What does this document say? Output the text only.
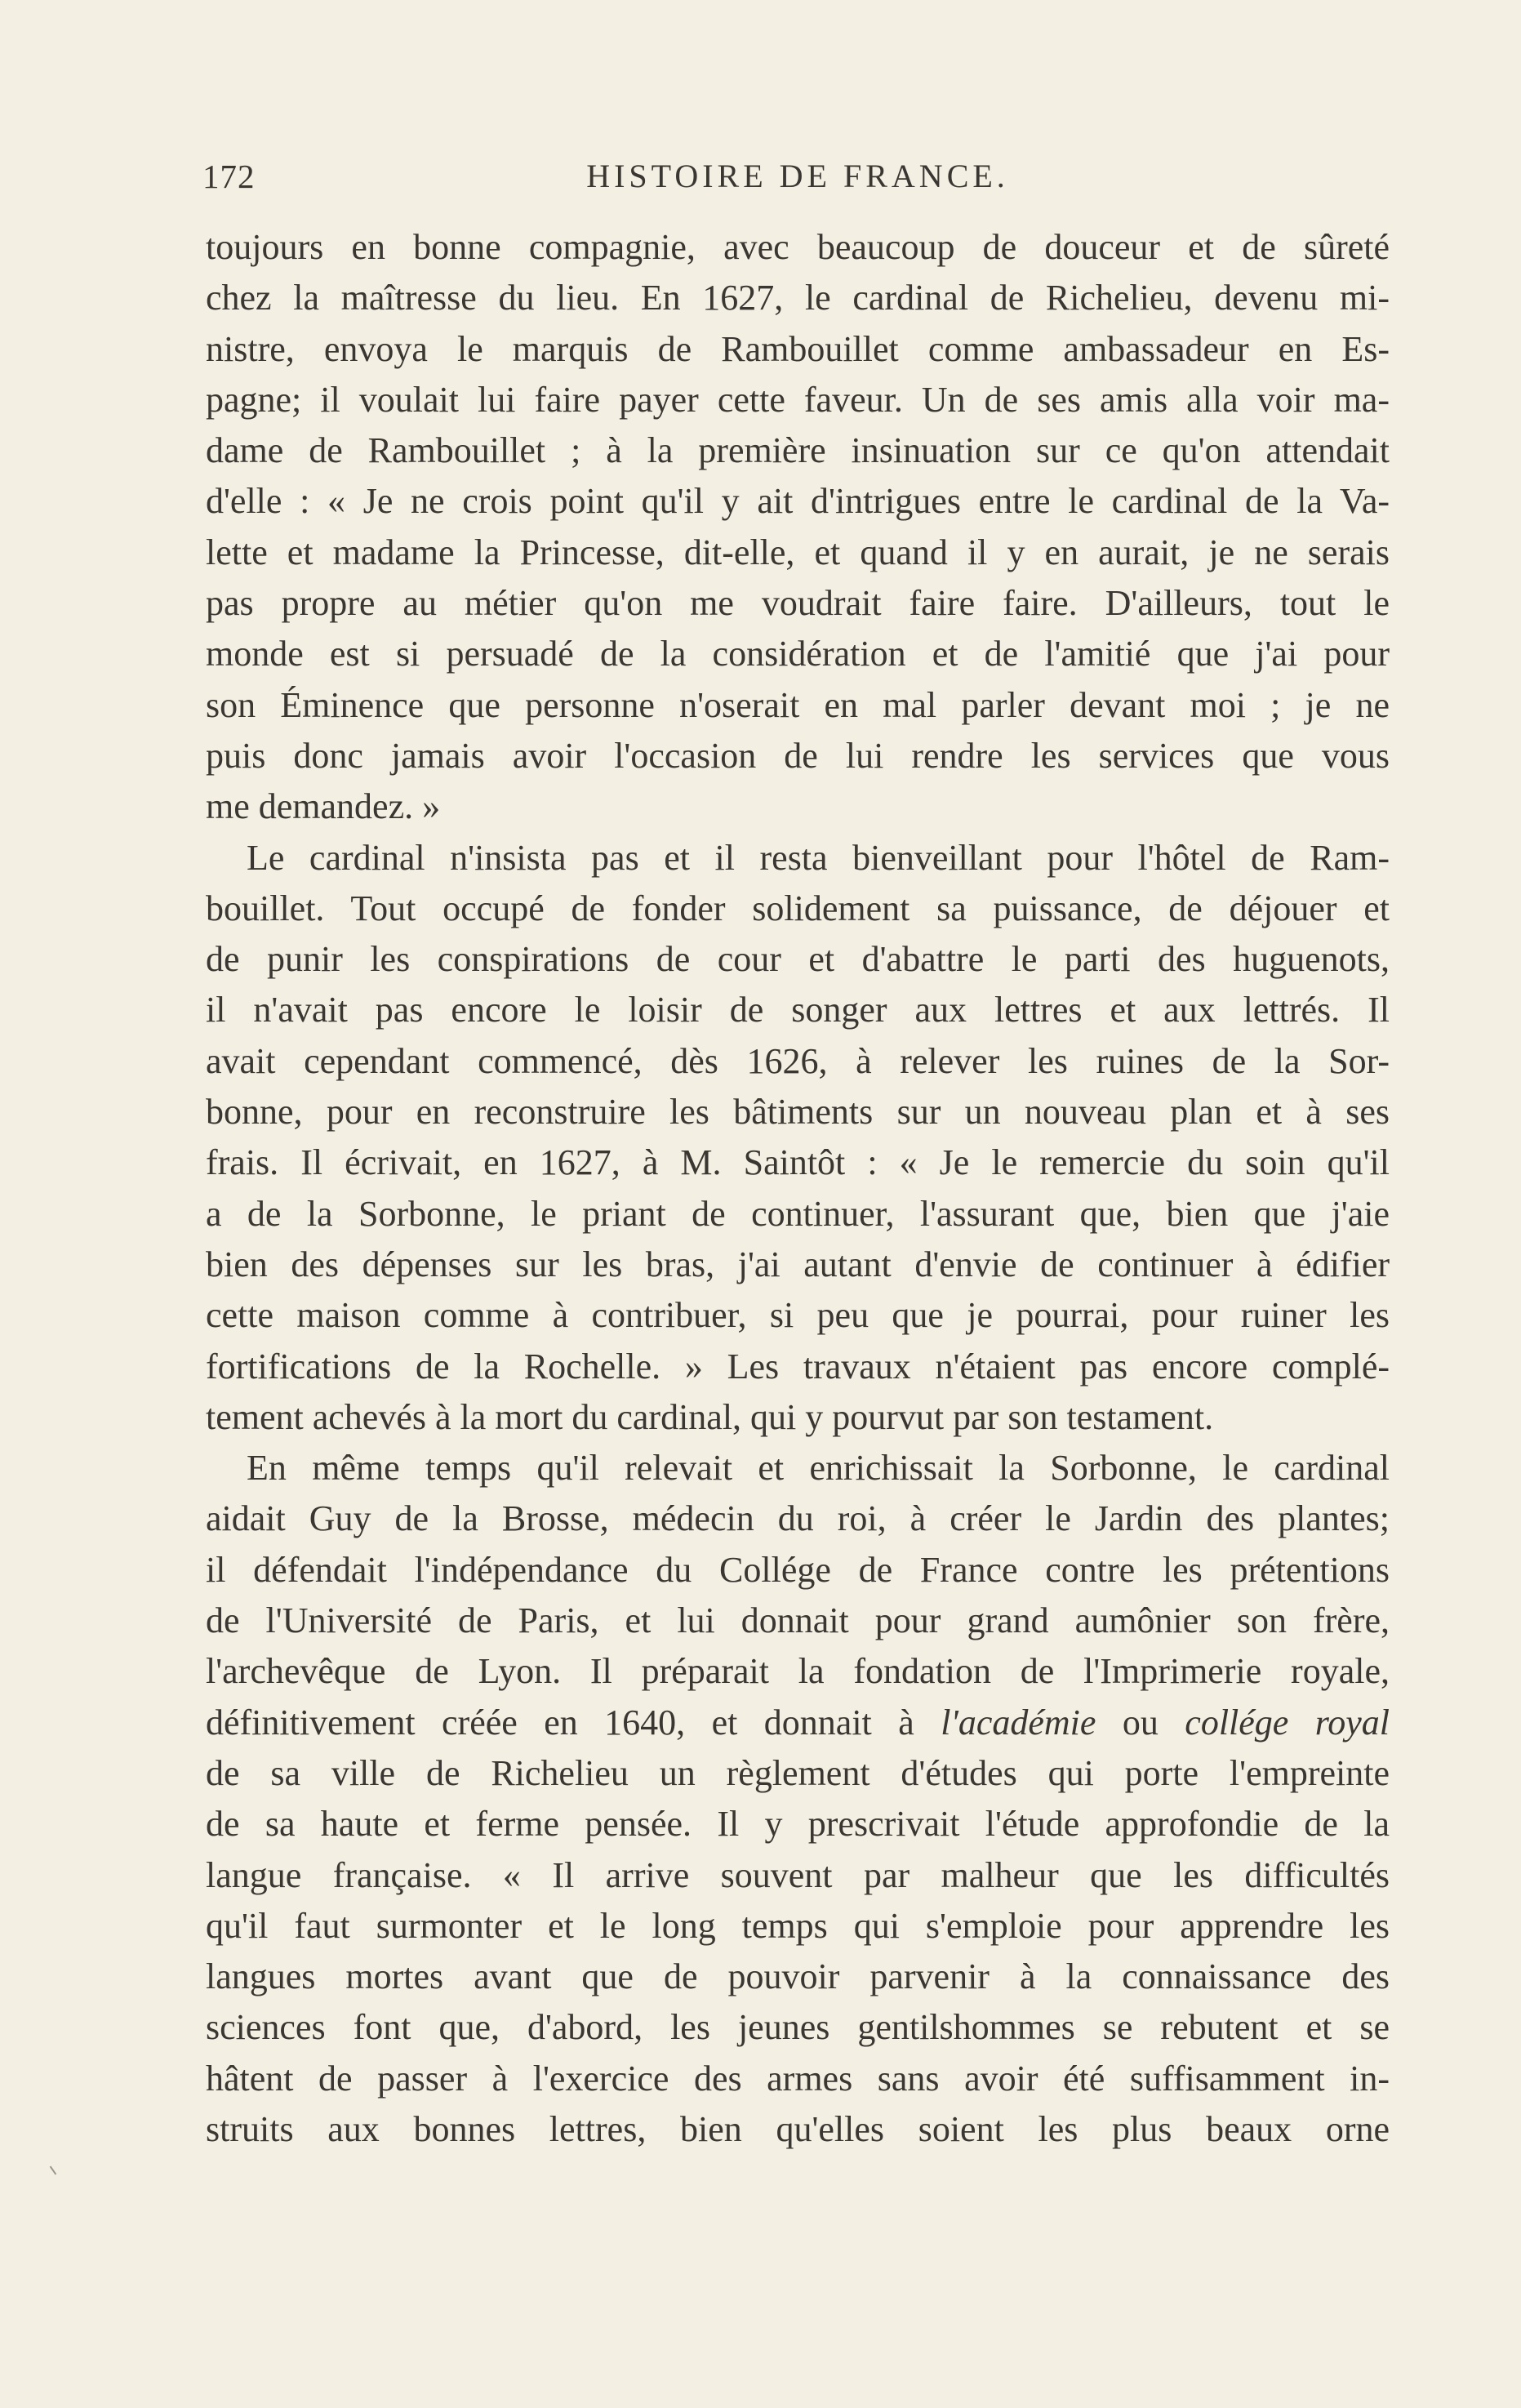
172	HISTOIRE DE FRANCE.
toujours en bonne compagnie, avec beaucoup de douceur et de sûreté
chez la maîtresse du lieu. En 1627, le cardinal de Richelieu, devenu mi-
nistre, envoya le marquis de Rambouillet comme ambassadeur en Es-
pagne; il voulait lui faire payer cette faveur. Un de ses amis alla voir ma-
dame de Rambouillet ; à la première insinuation sur ce qu'on attendait
d'elle : « Je ne crois point qu'il y ait d'intrigues entre le cardinal de la Va-
lette et madame la Princesse, dit-elle, et quand il y en aurait, je ne serais
pas propre au métier qu'on me voudrait faire faire. D'ailleurs, tout le
monde est si persuadé de la considération et de l'amitié que j'ai pour
son Éminence que personne n'oserait en mal parler devant moi ; je ne
puis donc jamais avoir l'occasion de lui rendre les services que vous
me demandez. »
Le cardinal n'insista pas et il resta bienveillant pour l'hôtel de Ram-
bouillet. Tout occupé de fonder solidement sa puissance, de déjouer et
de punir les conspirations de cour et d'abattre le parti des huguenots,
il n'avait pas encore le loisir de songer aux lettres et aux lettrés. Il
avait cependant commencé, dès 1626, à relever les ruines de la Sor-
bonne, pour en reconstruire les bâtiments sur un nouveau plan et à ses
frais. Il écrivait, en 1627, à M. Saintôt : « Je le remercie du soin qu'il
a de la Sorbonne, le priant de continuer, l'assurant que, bien que j'aie
bien des dépenses sur les bras, j'ai autant d'envie de continuer à édifier
cette maison comme à contribuer, si peu que je pourrai, pour ruiner les
fortifications de la Rochelle. » Les travaux n'étaient pas encore complé-
tement achevés à la mort du cardinal, qui y pourvut par son testament.
En même temps qu'il relevait et enrichissait la Sorbonne, le cardinal
aidait Guy de la Brosse, médecin du roi, à créer le Jardin des plantes;
il défendait l'indépendance du Collége de France contre les prétentions
de l'Université de Paris, et lui donnait pour grand aumônier son frère,
l'archevêque de Lyon. Il préparait la fondation de l'Imprimerie royale,
définitivement créée en 1640, et donnait à l'académie ou collége royal
de sa ville de Richelieu un règlement d'études qui porte l'empreinte
de sa haute et ferme pensée. Il y prescrivait l'étude approfondie de la
langue française. « Il arrive souvent par malheur que les difficultés
qu'il faut surmonter et le long temps qui s'emploie pour apprendre les
langues mortes avant que de pouvoir parvenir à la connaissance des
sciences font que, d'abord, les jeunes gentilshommes se rebutent et se
hâtent de passer à l'exercice des armes sans avoir été suffisamment in-
struits aux bonnes lettres, bien qu'elles soient les plus beaux orne
